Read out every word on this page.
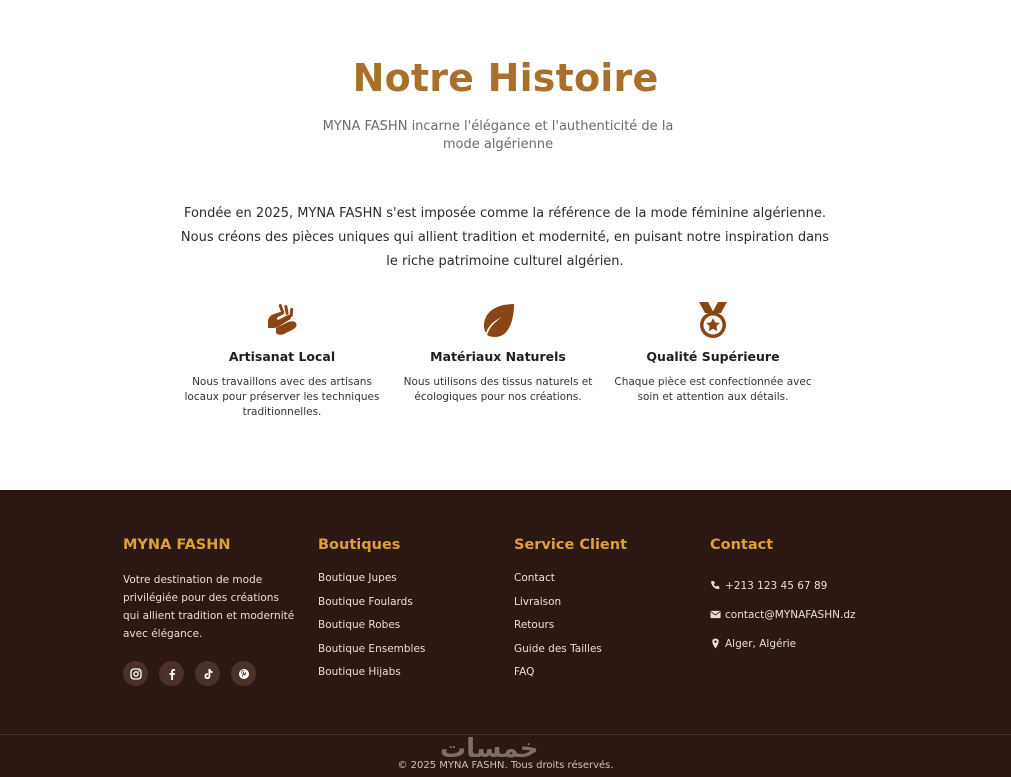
Notre Histoire

MYNA FASHN incarne l'élégance et l'authenticité de la mode algérienne

Fondée en 2025, MYNA FASHN s'est imposée comme la référence de la mode féminine algérienne. Nous créons des pièces uniques qui allient tradition et modernité, en puisant notre inspiration dans le riche patrimoine culturel algérien.

Artisanat Local

Nous travaillons avec des artisans locaux pour préserver les techniques traditionnelles.

Matériaux Naturels

Nous utilisons des tissus naturels et écologiques pour nos créations.

Qualité Supérieure

Chaque pièce est confectionnée avec soin et attention aux détails.

MYNA FASHN

Votre destination de mode privilégiée pour des créations qui allient tradition et modernité avec élégance.

Boutiques
Boutique Jupes
Boutique Foulards
Boutique Robes
Boutique Ensembles
Boutique Hijabs
Service Client
Contact
Livraison
Retours
Guide des Tailles
FAQ
Contact
+213 123 45 67 89
contact@MYNAFASHN.dz
Alger, Algérie
خمسات

© 2025 MYNA FASHN. Tous droits réservés.
